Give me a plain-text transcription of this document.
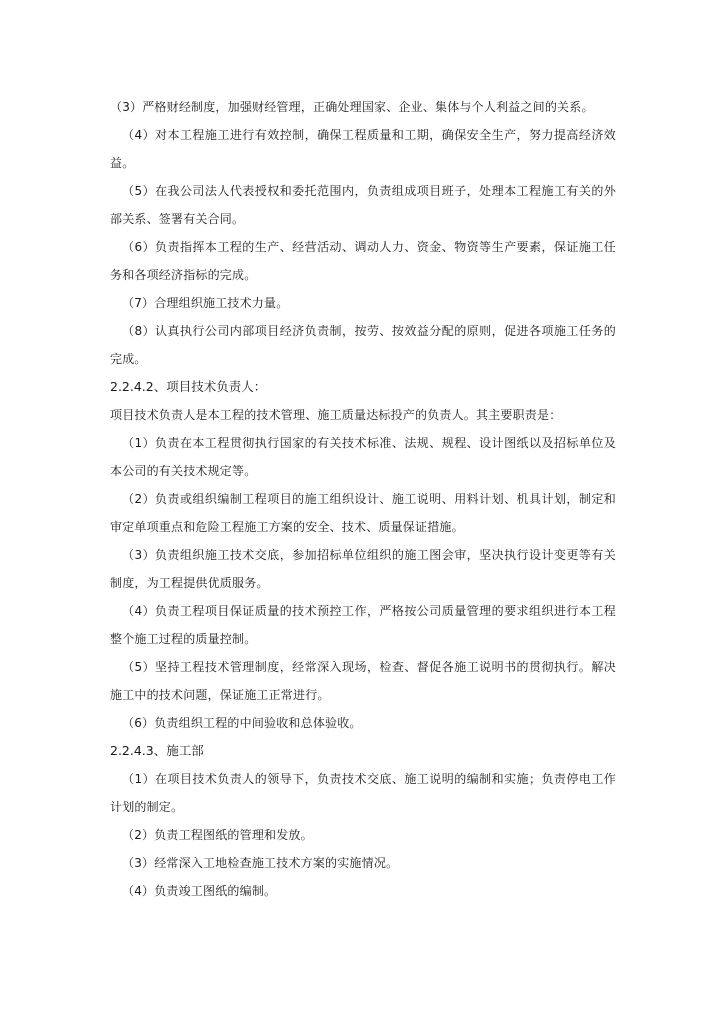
（3）严格财经制度，加强财经管理，正确处理国家、企业、集体与个人利益之间的关系。

（4）对本工程施工进行有效控制，确保工程质量和工期，确保安全生产，努力提高经济效益。

（5）在我公司法人代表授权和委托范围内，负责组成项目班子，处理本工程施工有关的外部关系、签署有关合同。

（6）负责指挥本工程的生产、经营活动、调动人力、资金、物资等生产要素，保证施工任务和各项经济指标的完成。

（7）合理组织施工技术力量。

（8）认真执行公司内部项目经济负责制，按劳、按效益分配的原则，促进各项施工任务的完成。

2.2.4.2、项目技术负责人：

项目技术负责人是本工程的技术管理、施工质量达标投产的负责人。其主要职责是：

（1）负责在本工程贯彻执行国家的有关技术标准、法规、规程、设计图纸以及招标单位及本公司的有关技术规定等。

（2）负责或组织编制工程项目的施工组织设计、施工说明、用料计划、机具计划，制定和审定单项重点和危险工程施工方案的安全、技术、质量保证措施。

（3）负责组织施工技术交底，参加招标单位组织的施工图会审，坚决执行设计变更等有关制度，为工程提供优质服务。

（4）负责工程项目保证质量的技术预控工作，严格按公司质量管理的要求组织进行本工程整个施工过程的质量控制。

（5）坚持工程技术管理制度，经常深入现场，检查、督促各施工说明书的贯彻执行。解决施工中的技术问题，保证施工正常进行。

（6）负责组织工程的中间验收和总体验收。

2.2.4.3、施工部

（1）在项目技术负责人的领导下，负责技术交底、施工说明的编制和实施；负责停电工作计划的制定。

（2）负责工程图纸的管理和发放。

（3）经常深入工地检查施工技术方案的实施情况。

（4）负责竣工图纸的编制。
